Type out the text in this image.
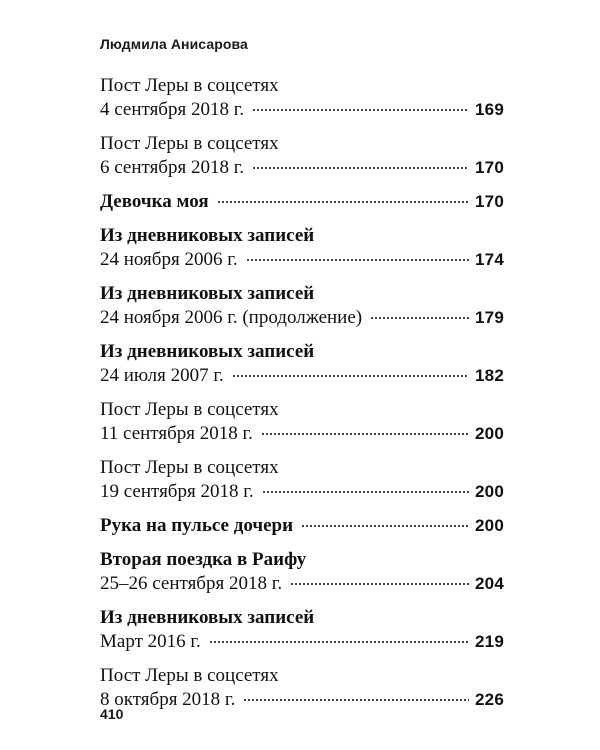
Людмила Анисарова
Пост Леры в соцсетях
4 сентября 2018 г.	169
Пост Леры в соцсетях
6 сентября 2018 г.	170
Девочка моя	170
Из дневниковых записей
24 ноября 2006 г.	174
Из дневниковых записей
24 ноября 2006 г. (продолжение)	179
Из дневниковых записей
24 июля 2007 г.	182
Пост Леры в соцсетях
11 сентября 2018 г.	200
Пост Леры в соцсетях
19 сентября 2018 г.	200
Рука на пульсе дочери	200
Вторая поездка в Раифу
25–26 сентября 2018 г.	204
Из дневниковых записей
Март 2016 г.	219
Пост Леры в соцсетях
8 октября 2018 г.	226
410
